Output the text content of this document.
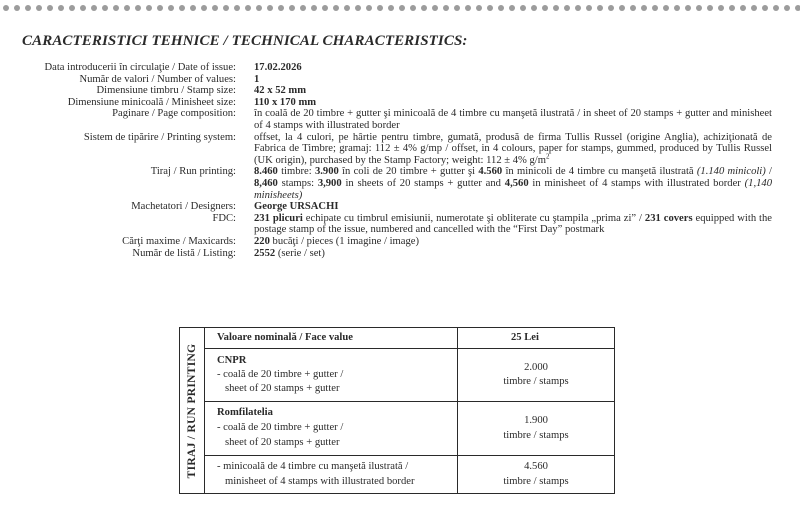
CARACTERISTICI TEHNICE / TECHNICAL CHARACTERISTICS:
Data introducerii în circulaţie / Date of issue: 17.02.2026
Număr de valori / Number of values: 1
Dimensiune timbru / Stamp size: 42 x 52 mm
Dimensiune minicoală / Minisheet size: 110 x 170 mm
Paginare / Page composition: în coală de 20 timbre + gutter şi minicoală de 4 timbre cu manşetă ilustrată / in sheet of 20 stamps + gutter and minisheet of 4 stamps with illustrated border
Sistem de tipărire / Printing system: offset, la 4 culori, pe hârtie pentru timbre, gumată, produsă de firma Tullis Russel (origine Anglia), achiziţionată de Fabrica de Timbre; gramaj: 112 ± 4% g/mp / offset, in 4 colours, paper for stamps, gummed, produced by Tullis Russel (UK origin), purchased by the Stamp Factory; weight: 112 ± 4% $g/m^2$
Tiraj / Run printing: 8.460 timbre: 3.900 în coli de 20 timbre + gutter şi 4.560 în minicoli de 4 timbre cu manşetă ilustrată (1.140 minicoli) / 8,460 stamps: 3,900 in sheets of 20 stamps + gutter and 4,560 in minisheet of 4 stamps with illustrated border (1,140 minisheets)
Machetatori / Designers: George URSACHI
FDC: 231 plicuri echipate cu timbrul emisiunii, numerotate şi obliterate cu ştampila „prima zi” / 231 covers equipped with the postage stamp of the issue, numbered and cancelled with the “First Day” postmark
Cărţi maxime / Maxicards: 220 bucăţi / pieces (1 imagine / image)
Număr de listă / Listing: 2552 (serie / set)
TIRAJ / RUN PRINTING
Valoare nominală / Face value	25 Lei
CNPR
- coală de 20 timbre + gutter /
sheet of 20 stamps + gutter
2.000
timbre / stamps
Romfilatelia
- coală de 20 timbre + gutter /
sheet of 20 stamps + gutter
1.900
timbre / stamps
- minicoală de 4 timbre cu manşetă ilustrată /
minisheet of 4 stamps with illustrated border
4.560
timbre / stamps
